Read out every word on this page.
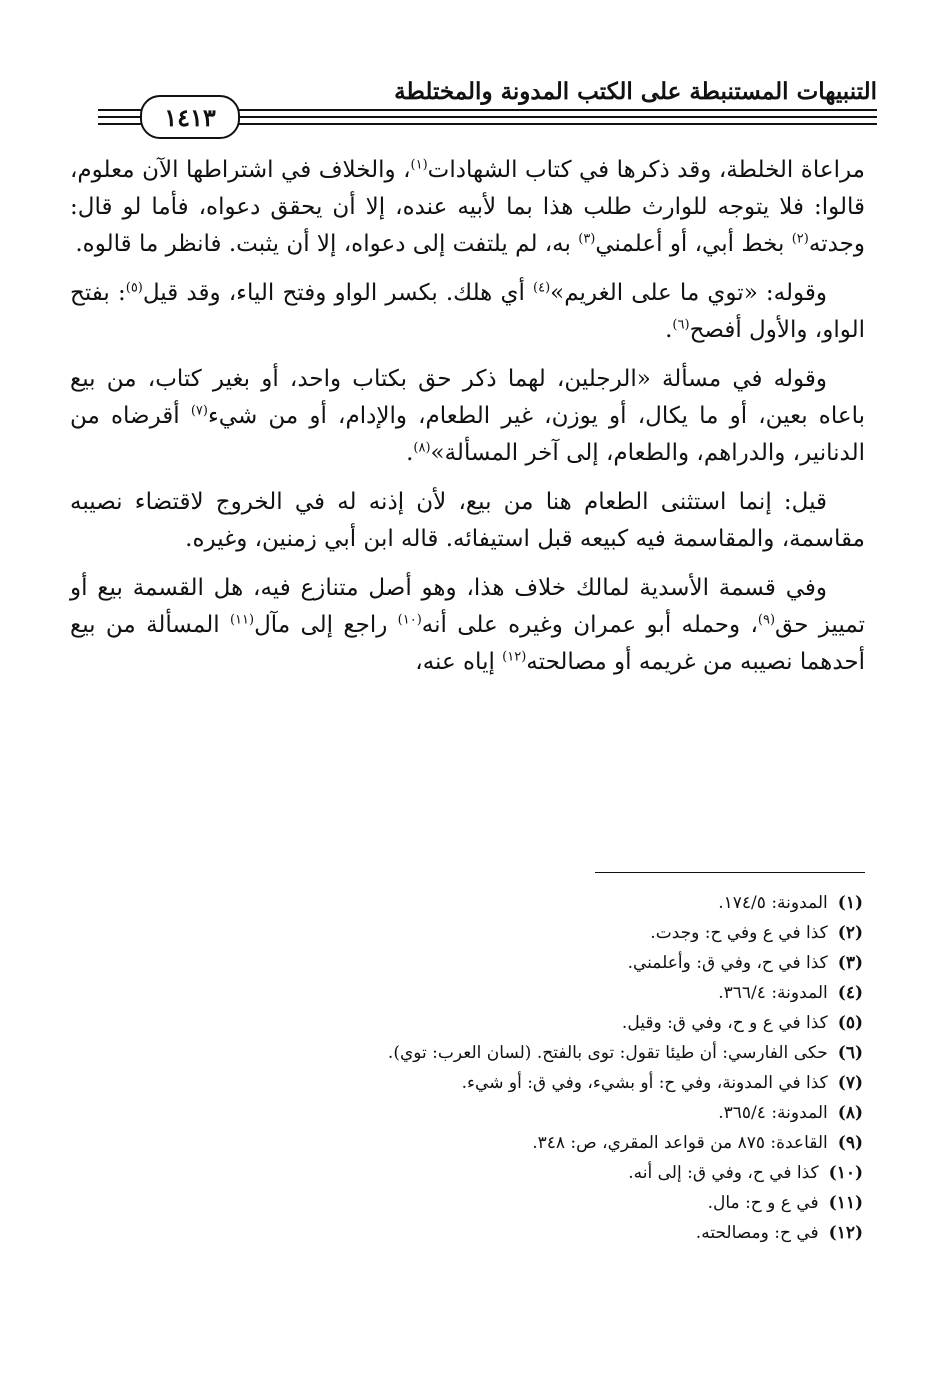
التنبيهات المستنبطة على الكتب المدونة والمختلطة
١٤١٣

مراعاة الخلطة، وقد ذكرها في كتاب الشهادات$^{(١)}$، والخلاف في اشتراطها الآن معلوم، قالوا: فلا يتوجه للوارث طلب هذا بما لأبيه عنده، إلا أن يحقق دعواه، فأما لو قال: وجدته$^{(٢)}$ بخط أبي، أو أعلمني$^{(٣)}$ به، لم يلتفت إلى دعواه، إلا أن يثبت. فانظر ما قالوه.

وقوله: «توي ما على الغريم»$^{(٤)}$ أي هلك. بكسر الواو وفتح الياء، وقد قيل$^{(٥)}$: بفتح الواو، والأول أفصح$^{(٦)}$.

وقوله في مسألة «الرجلين، لهما ذكر حق بكتاب واحد، أو بغير كتاب، من بيع باعاه بعين، أو ما يكال، أو يوزن، غير الطعام، والإدام، أو من شيء$^{(٧)}$ أقرضاه من الدنانير، والدراهم، والطعام، إلى آخر المسألة»$^{(٨)}$.

قيل: إنما استثنى الطعام هنا من بيع، لأن إذنه له في الخروج لاقتضاء نصيبه مقاسمة، والمقاسمة فيه كبيعه قبل استيفائه. قاله ابن أبي زمنين، وغيره.

وفي قسمة الأسدية لمالك خلاف هذا، وهو أصل متنازع فيه، هل القسمة بيع أو تمييز حق$^{(٩)}$، وحمله أبو عمران وغيره على أنه$^{(١٠)}$ راجع إلى مآل$^{(١١)}$ المسألة من بيع أحدهما نصيبه من غريمه أو مصالحته$^{(١٢)}$ إياه عنه،

(١)المدونة: ١٧٤/٥.
(٢)كذا في ع وفي ح: وجدت.
(٣)كذا في ح، وفي ق: وأعلمني.
(٤)المدونة: ٣٦٦/٤.
(٥)كذا في ع و ح، وفي ق: وقيل.
(٦)حكى الفارسي: أن طيئا تقول: توى بالفتح. (لسان العرب: توي).
(٧)كذا في المدونة، وفي ح: أو بشيء، وفي ق: أو شيء.
(٨)المدونة: ٣٦٥/٤.
(٩)القاعدة: ٨٧٥ من قواعد المقري، ص: ٣٤٨.
(١٠)كذا في ح، وفي ق: إلى أنه.
(١١)في ع و ح: مال.
(١٢)في ح: ومصالحته.
